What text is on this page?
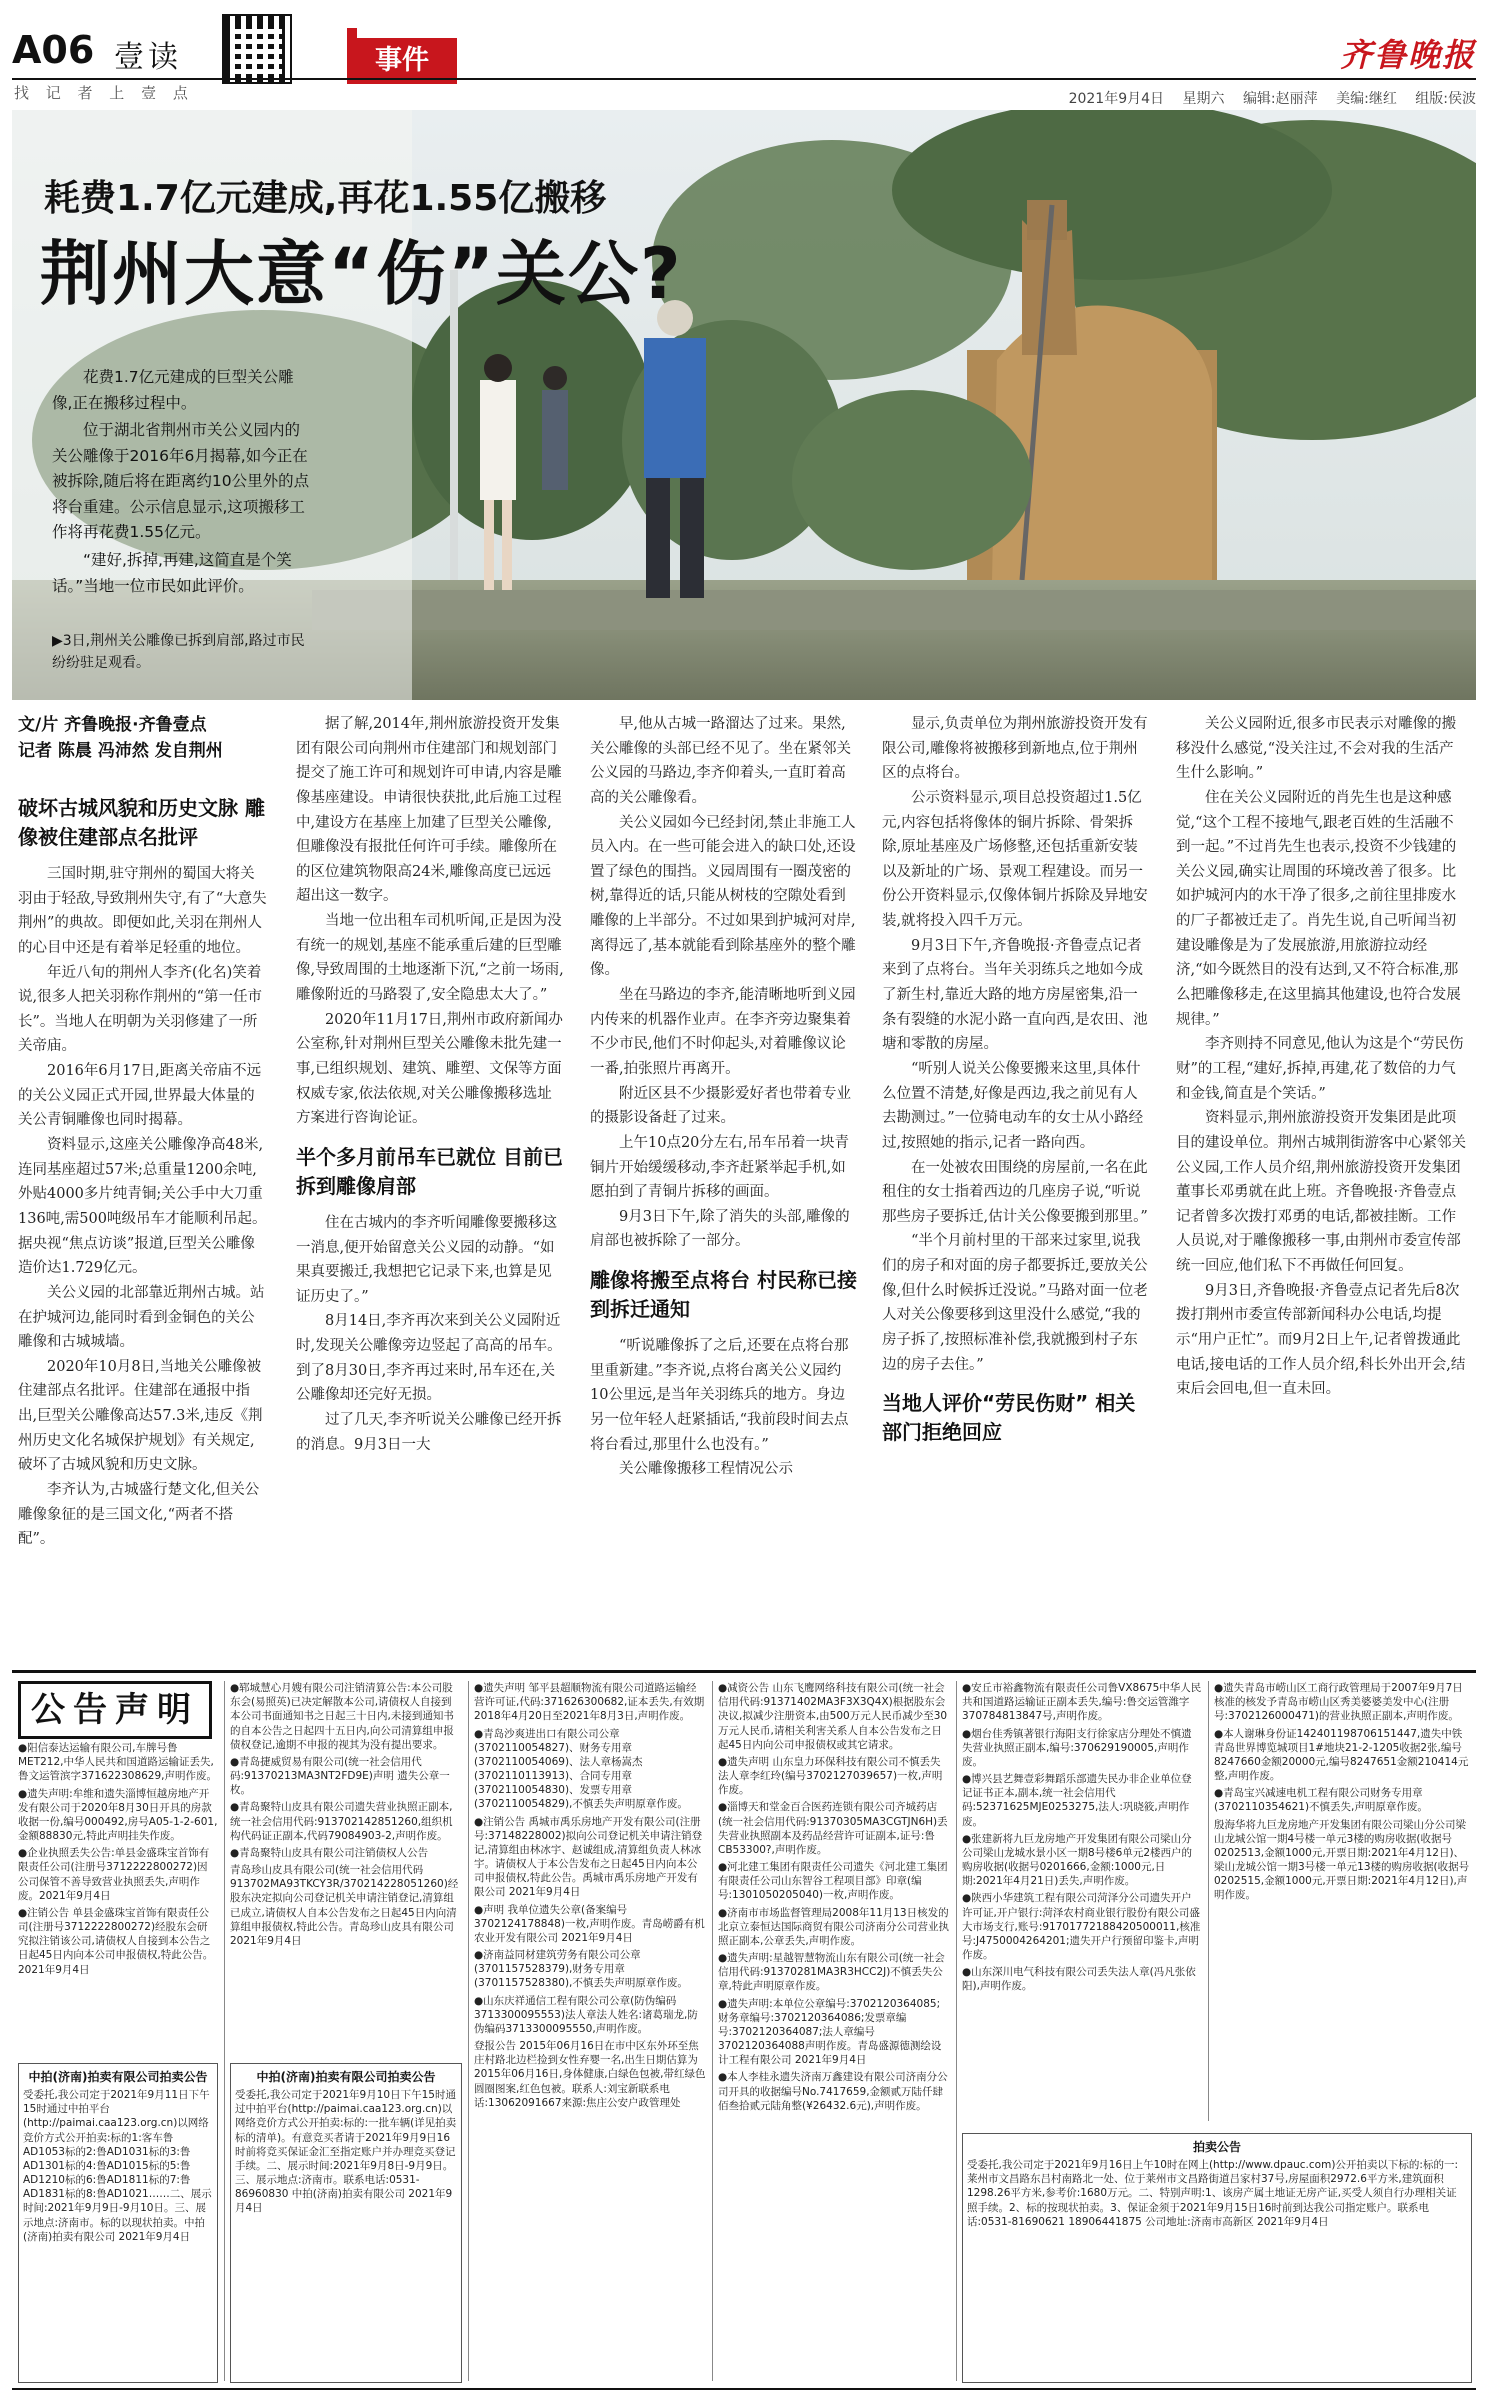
A06 壹读
找 记 者 上 壹 点
事件	齐鲁晚报
2021年9月4日 星期六 编辑:赵丽萍 美编:继红 组版:侯波
耗费1.7亿元建成,再花1.55亿搬移
荆州大意“伤”关公?

花费1.7亿元建成的巨型关公雕像,正在搬移过程中。

位于湖北省荆州市关公义园内的关公雕像于2016年6月揭幕,如今正在被拆除,随后将在距离约10公里外的点将台重建。公示信息显示,这项搬移工作将再花费1.55亿元。

“建好,拆掉,再建,这简直是个笑话。”当地一位市民如此评价。

▶3日,荆州关公雕像已拆到肩部,路过市民纷纷驻足观看。
文/片 齐鲁晚报·齐鲁壹点
记者 陈晨 冯沛然 发自荆州
破坏古城风貌和历史文脉 雕像被住建部点名批评

三国时期,驻守荆州的蜀国大将关羽由于轻敌,导致荆州失守,有了“大意失荆州”的典故。即便如此,关羽在荆州人的心目中还是有着举足轻重的地位。

年近八旬的荆州人李齐(化名)笑着说,很多人把关羽称作荆州的“第一任市长”。当地人在明朝为关羽修建了一所关帝庙。

2016年6月17日,距离关帝庙不远的关公义园正式开园,世界最大体量的关公青铜雕像也同时揭幕。

资料显示,这座关公雕像净高48米,连同基座超过57米;总重量1200余吨,外贴4000多片纯青铜;关公手中大刀重136吨,需500吨级吊车才能顺利吊起。据央视“焦点访谈”报道,巨型关公雕像造价达1.729亿元。

关公义园的北部靠近荆州古城。站在护城河边,能同时看到金铜色的关公雕像和古城城墙。

2020年10月8日,当地关公雕像被住建部点名批评。住建部在通报中指出,巨型关公雕像高达57.3米,违反《荆州历史文化名城保护规划》有关规定,破坏了古城风貌和历史文脉。

李齐认为,古城盛行楚文化,但关公雕像象征的是三国文化,“两者不搭配”。

据了解,2014年,荆州旅游投资开发集团有限公司向荆州市住建部门和规划部门提交了施工许可和规划许可申请,内容是雕像基座建设。申请很快获批,此后施工过程中,建设方在基座上加建了巨型关公雕像,但雕像没有报批任何许可手续。雕像所在的区位建筑物限高24米,雕像高度已远远超出这一数字。

当地一位出租车司机听闻,正是因为没有统一的规划,基座不能承重后建的巨型雕像,导致周围的土地逐渐下沉,“之前一场雨,雕像附近的马路裂了,安全隐患太大了。”

2020年11月17日,荆州市政府新闻办公室称,针对荆州巨型关公雕像未批先建一事,已组织规划、建筑、雕塑、文保等方面权威专家,依法依规,对关公雕像搬移选址方案进行咨询论证。

半个多月前吊车已就位 目前已拆到雕像肩部

住在古城内的李齐听闻雕像要搬移这一消息,便开始留意关公义园的动静。“如果真要搬迁,我想把它记录下来,也算是见证历史了。”

8月14日,李齐再次来到关公义园附近时,发现关公雕像旁边竖起了高高的吊车。到了8月30日,李齐再过来时,吊车还在,关公雕像却还完好无损。

过了几天,李齐听说关公雕像已经开拆的消息。9月3日一大

早,他从古城一路溜达了过来。果然,关公雕像的头部已经不见了。坐在紧邻关公义园的马路边,李齐仰着头,一直盯着高高的关公雕像看。

关公义园如今已经封闭,禁止非施工人员入内。在一些可能会进入的缺口处,还设置了绿色的围挡。义园周围有一圈茂密的树,靠得近的话,只能从树枝的空隙处看到雕像的上半部分。不过如果到护城河对岸,离得远了,基本就能看到除基座外的整个雕像。

坐在马路边的李齐,能清晰地听到义园内传来的机器作业声。在李齐旁边聚集着不少市民,他们不时仰起头,对着雕像议论一番,拍张照片再离开。

附近区县不少摄影爱好者也带着专业的摄影设备赶了过来。

上午10点20分左右,吊车吊着一块青铜片开始缓缓移动,李齐赶紧举起手机,如愿拍到了青铜片拆移的画面。

9月3日下午,除了消失的头部,雕像的肩部也被拆除了一部分。

雕像将搬至点将台 村民称已接到拆迁通知

“听说雕像拆了之后,还要在点将台那里重新建。”李齐说,点将台离关公义园约10公里远,是当年关羽练兵的地方。身边另一位年轻人赶紧插话,“我前段时间去点将台看过,那里什么也没有。”

关公雕像搬移工程情况公示

显示,负责单位为荆州旅游投资开发有限公司,雕像将被搬移到新地点,位于荆州区的点将台。

公示资料显示,项目总投资超过1.5亿元,内容包括将像体的铜片拆除、骨架拆除,原址基座及广场修整,还包括重新安装以及新址的广场、景观工程建设。而另一份公开资料显示,仅像体铜片拆除及异地安装,就将投入四千万元。

9月3日下午,齐鲁晚报·齐鲁壹点记者来到了点将台。当年关羽练兵之地如今成了新生村,靠近大路的地方房屋密集,沿一条有裂缝的水泥小路一直向西,是农田、池塘和零散的房屋。

“听别人说关公像要搬来这里,具体什么位置不清楚,好像是西边,我之前见有人去勘测过。”一位骑电动车的女士从小路经过,按照她的指示,记者一路向西。

在一处被农田围绕的房屋前,一名在此租住的女士指着西边的几座房子说,“听说那些房子要拆迁,估计关公像要搬到那里。”

“半个月前村里的干部来过家里,说我们的房子和对面的房子都要拆迁,要放关公像,但什么时候拆迁没说。”马路对面一位老人对关公像要移到这里没什么感觉,“我的房子拆了,按照标准补偿,我就搬到村子东边的房子去住。”

当地人评价“劳民伤财” 相关部门拒绝回应

关公义园附近,很多市民表示对雕像的搬移没什么感觉,“没关注过,不会对我的生活产生什么影响。”

住在关公义园附近的肖先生也是这种感觉,“这个工程不接地气,跟老百姓的生活融不到一起。”不过肖先生也表示,投资不少钱建的关公义园,确实让周围的环境改善了很多。比如护城河内的水干净了很多,之前往里排废水的厂子都被迁走了。肖先生说,自己听闻当初建设雕像是为了发展旅游,用旅游拉动经济,“如今既然目的没有达到,又不符合标准,那么把雕像移走,在这里搞其他建设,也符合发展规律。”

李齐则持不同意见,他认为这是个“劳民伤财”的工程,“建好,拆掉,再建,花了数倍的力气和金钱,简直是个笑话。”

资料显示,荆州旅游投资开发集团是此项目的建设单位。荆州古城荆街游客中心紧邻关公义园,工作人员介绍,荆州旅游投资开发集团董事长邓勇就在此上班。齐鲁晚报·齐鲁壹点记者曾多次拨打邓勇的电话,都被挂断。工作人员说,对于雕像搬移一事,由荆州市委宣传部统一回应,他们私下不再做任何回复。

9月3日,齐鲁晚报·齐鲁壹点记者先后8次拨打荆州市委宣传部新闻科办公电话,均提示“用户正忙”。而9月2日上午,记者曾拨通此电话,接电话的工作人员介绍,科长外出开会,结束后会回电,但一直未回。

公告声明

●阳信泰达运输有限公司,车牌号鲁MET212,中华人民共和国道路运输证丢失,鲁文运管滨字371622308629,声明作废。

●遗失声明:牟维和遗失淄博恒越房地产开发有限公司于2020年8月30日开具的房款收据一份,编号000492,房号A05-1-2-601,金额88830元,特此声明挂失作废。

●企业执照丢失公告:单县金盛珠宝首饰有限责任公司(注册号3712222800272)因公司保管不善导致营业执照丢失,声明作废。2021年9月4日

●注销公告 单县金盛珠宝首饰有限责任公司(注册号3712222800272)经股东会研究拟注销该公司,请债权人自接到本公告之日起45日内向本公司申报债权,特此公告。2021年9月4日

●郓城慧心月嫂有限公司注销清算公告:本公司股东会(易照英)已决定解散本公司,请债权人自接到本公司书面通知书之日起三十日内,未接到通知书的自本公告之日起四十五日内,向公司清算组申报债权登记,逾期不申报的视其为没有提出要求。

●青岛捷威贸易有限公司(统一社会信用代码:91370213MA3NT2FD9E)声明 遗失公章一枚。

●青岛聚特山皮具有限公司遗失营业执照正副本,统一社会信用代码:913702142851260,组织机构代码证正副本,代码79084903-2,声明作废。

●青岛聚特山皮具有限公司注销债权人公告

青岛珍山皮具有限公司(统一社会信用代码913702MA93TKCY3R/370214228051260)经股东决定拟向公司登记机关申请注销登记,清算组已成立,请债权人自本公告发布之日起45日内向清算组申报债权,特此公告。青岛珍山皮具有限公司 2021年9月4日

●遗失声明 邹平县超顺物流有限公司道路运输经营许可证,代码:371626300682,证本丢失,有效期2018年4月20日至2021年8月3日,声明作废。

●青岛沙爽进出口有限公司公章(3702110054827)、财务专用章(3702110054069)、法人章杨嵩杰(3702110113913)、合同专用章(3702110054830)、发票专用章(3702110054829),不慎丢失声明原章作废。

●注销公告 禹城市禹乐房地产开发有限公司(注册号:37148228002)拟向公司登记机关申请注销登记,清算组由林冰宇、赵诚组成,清算组负责人林冰宇。请债权人于本公告发布之日起45日内向本公司申报债权,特此公告。禹城市禹乐房地产开发有限公司 2021年9月4日

●声明 我单位遗失公章(备案编号3702124178848)一枚,声明作废。青岛崂爵有机农业开发有限公司 2021年9月4日

●济南益同材建筑劳务有限公司公章(3701157528379),财务专用章(3701157528380),不慎丢失声明原章作废。

●山东庆祥通信工程有限公司公章(防伪编码3713300095553)法人章法人姓名:诸葛瑞龙,防伪编码3713300095550,声明作废。

登报公告 2015年06月16日在市中区东外环至焦庄村路北边栏捡到女性弃婴一名,出生日期估算为2015年06月16日,身体健康,白绿色包被,带红绿色圆圈图案,红色包被。联系人:刘宝新联系电话:13062091667来源:焦庄公安户政管理处

●减资公告 山东飞鹰网络科技有限公司(统一社会信用代码:91371402MA3F3X3Q4X)根据股东会决议,拟减少注册资本,由500万元人民币减少至30万元人民币,请相关利害关系人自本公告发布之日起45日内向公司申报债权或其它请求。

●遗失声明 山东皇力环保科技有限公司不慎丢失法人章李红玲(编号3702127039657)一枚,声明作废。

●淄博天和堂金百合医药连锁有限公司齐城药店(统一社会信用代码:91370305MA3CGTJN6H)丢失营业执照副本及药品经营许可证副本,证号:鲁CB53300?,声明作废。

●河北建工集团有限责任公司遗失《河北建工集团有限责任公司山东智谷工程项目部》印章(编号:1301050205040)一枚,声明作废。

●济南市市场监督管理局2008年11月13日核发的北京立泰恒达国际商贸有限公司济南分公司营业执照正副本,公章丢失,声明作废。

●遗失声明:星越智慧物流山东有限公司(统一社会信用代码:91370281MA3R3HCC2J)不慎丢失公章,特此声明原章作废。

●遗失声明:本单位公章编号:3702120364085;财务章编号:3702120364086;发票章编号:3702120364087;法人章编号3702120364088声明作废。青岛盛源德测绘设计工程有限公司 2021年9月4日

●本人李桂永遗失济南万鑫建设有限公司济南分公司开具的收据编号No.7417659,金额贰万陆仟肆佰叁拾贰元陆角整(¥26432.6元),声明作废。

●安丘市裕鑫物流有限责任公司鲁VX8675中华人民共和国道路运输证正副本丢失,编号:鲁交运管潍字370784813847号,声明作废。

●烟台佳秀镇著银行海阳支行徐家店分理处不慎遗失营业执照正副本,编号:370629190005,声明作废。

●博兴县艺舞壹彩舞蹈乐部遗失民办非企业单位登记证书正本,副本,统一社会信用代码:52371625MJE0253275,法人:巩晓筱,声明作废。

●张建新将九巨龙房地产开发集团有限公司梁山分公司梁山龙城水景小区一期8号楼6单元2楼西户的购房收据(收据号0201666,金额:1000元,日期:2021年4月21日)丢失,声明作废。

●陕西小华建筑工程有限公司菏泽分公司遗失开户许可证,开户银行:菏泽农村商业银行股份有限公司盛大市场支行,账号:91701772188420500011,核准号:J4750004264201;遗失开户行预留印鉴卡,声明作废。

●山东深川电气科技有限公司丢失法人章(冯凡张依阳),声明作废。

●遗失青岛市崂山区工商行政管理局于2007年9月7日核准的核发予青岛市崂山区秀美婆婆美发中心(注册号:3702126000471)的营业执照正副本,声明作废。

●本人谢琳身份证142401198706151447,遗失中铁青岛世界博览城项目1#地块21-2-1205收据2张,编号8247660金额20000元,编号8247651金额210414元整,声明作废。

●青岛宝兴减速电机工程有限公司财务专用章(3702110354621)不慎丢失,声明原章作废。

殷海华将九巨龙房地产开发集团有限公司梁山分公司梁山龙城公馆一期4号楼一单元3楼的购房收据(收据号0202513,金额1000元,开票日期:2021年4月12日)、梁山龙城公馆一期3号楼一单元13楼的购房收据(收据号0202515,金额1000元,开票日期:2021年4月12日),声明作废。

中拍(济南)拍卖有限公司拍卖公告
受委托,我公司定于2021年9月11日下午15时通过中拍平台(http://paimai.caa123.org.cn)以网络竞价方式公开拍卖:标的1:客车鲁AD1053标的2:鲁AD1031标的3:鲁AD1301标的4:鲁AD1015标的5:鲁AD1210标的6:鲁AD1811标的7:鲁AD1831标的8:鲁AD1021……二、展示时间:2021年9月9日-9月10日。三、展示地点:济南市。标的以现状拍卖。中拍(济南)拍卖有限公司 2021年9月4日
中拍(济南)拍卖有限公司拍卖公告
受委托,我公司定于2021年9月10日下午15时通过中拍平台(http://paimai.caa123.org.cn)以网络竞价方式公开拍卖:标的:一批车辆(详见拍卖标的清单)。有意竞买者请于2021年9月9日16时前将竞买保证金汇至指定账户并办理竞买登记手续。二、展示时间:2021年9月8日-9月9日。三、展示地点:济南市。联系电话:0531-86960830 中拍(济南)拍卖有限公司 2021年9月4日
拍卖公告
受委托,我公司定于2021年9月16日上午10时在网上(http://www.dpauc.com)公开拍卖以下标的:标的一:莱州市文昌路东吕村南路北一处、位于莱州市文昌路街道吕家村37号,房屋面积2972.6平方米,建筑面积1298.26平方米,参考价:1680万元。二、特别声明:1、该房产属土地证无房产证,买受人须自行办理相关证照手续。2、标的按现状拍卖。3、保证金须于2021年9月15日16时前到达我公司指定账户。联系电话:0531-81690621 18906441875 公司地址:济南市高新区 2021年9月4日
